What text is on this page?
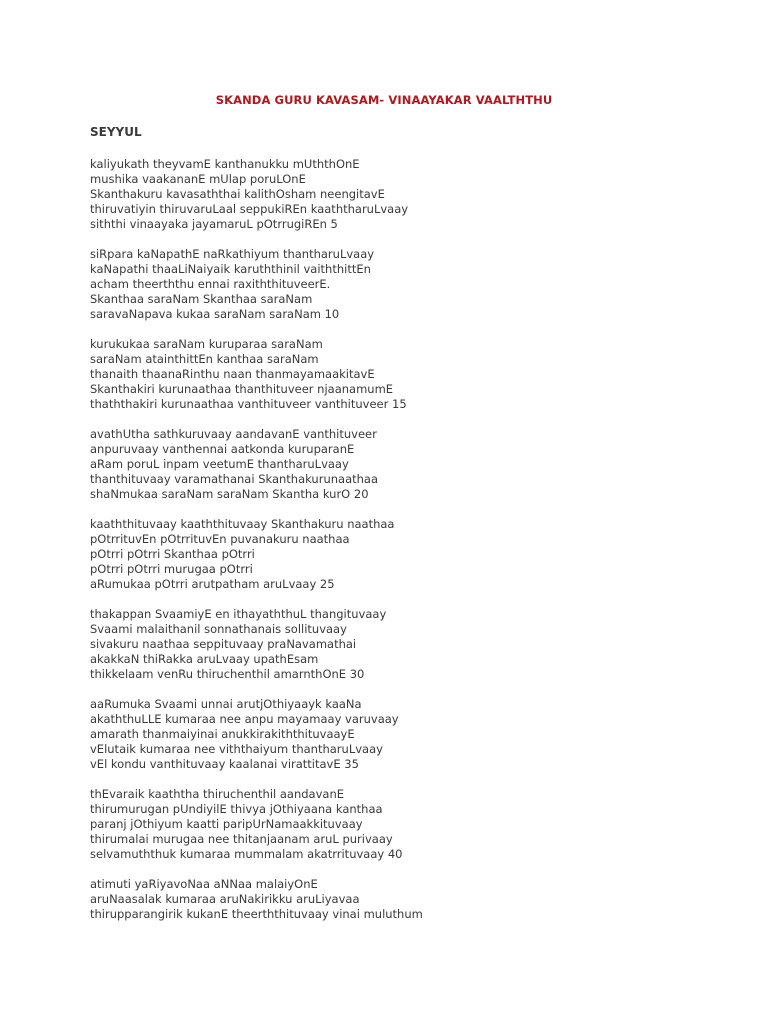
SKANDA GURU KAVASAM- VINAAYAKAR VAALTHTHU
SEYYUL
kaliyukath theyvamE kanthanukku mUththOnE
mushika vaakananE mUlap poruLOnE
Skanthakuru kavasaththai kalithOsham neengitavE
thiruvatiyin thiruvaruLaal seppukiREn kaaththaruLvaay
siththi vinaayaka jayamaruL pOtrrugiREn 5
siRpara kaNapathE naRkathiyum thantharuLvaay
kaNapathi thaaLiNaiyaik karuththinil vaiththittEn
acham theerththu ennai raxiththituveerE.
Skanthaa saraNam Skanthaa saraNam
saravaNapava kukaa saraNam saraNam 10
kurukukaa saraNam kuruparaa saraNam
saraNam atainthittEn kanthaa saraNam
thanaith thaanaRinthu naan thanmayamaakitavE
Skanthakiri kurunaathaa thanthituveer njaanamumE
thaththakiri kurunaathaa vanthituveer vanthituveer 15
avathUtha sathkuruvaay aandavanE vanthituveer
anpuruvaay vanthennai aatkonda kuruparanE
aRam poruL inpam veetumE thantharuLvaay
thanthituvaay varamathanai Skanthakurunaathaa
shaNmukaa saraNam saraNam Skantha kurO 20
kaaththituvaay kaaththituvaay Skanthakuru naathaa
pOtrrituvEn pOtrrituvEn puvanakuru naathaa
pOtrri pOtrri Skanthaa pOtrri
pOtrri pOtrri murugaa pOtrri
aRumukaa pOtrri arutpatham aruLvaay 25
thakappan SvaamiyE en ithayaththuL thangituvaay
Svaami malaithanil sonnathanais sollituvaay
sivakuru naathaa seppituvaay praNavamathai
akakkaN thiRakka aruLvaay upathEsam
thikkelaam venRu thiruchenthil amarnthOnE 30
aaRumuka Svaami unnai arutjOthiyaayk kaaNa
akaththuLLE kumaraa nee anpu mayamaay varuvaay
amarath thanmaiyinai anukkirakiththituvaayE
vElutaik kumaraa nee viththaiyum thantharuLvaay
vEl kondu vanthituvaay kaalanai virattitavE 35
thEvaraik kaaththa thiruchenthil aandavanE
thirumurugan pUndiyilE thivya jOthiyaana kanthaa
paranj jOthiyum kaatti paripUrNamaakkituvaay
thirumalai murugaa nee thitanjaanam aruL purivaay
selvamuththuk kumaraa mummalam akatrrituvaay 40
atimuti yaRiyavoNaa aNNaa malaiyOnE
aruNaasalak kumaraa aruNakirikku aruLiyavaa
thirupparangirik kukanE theerththituvaay vinai muluthum
